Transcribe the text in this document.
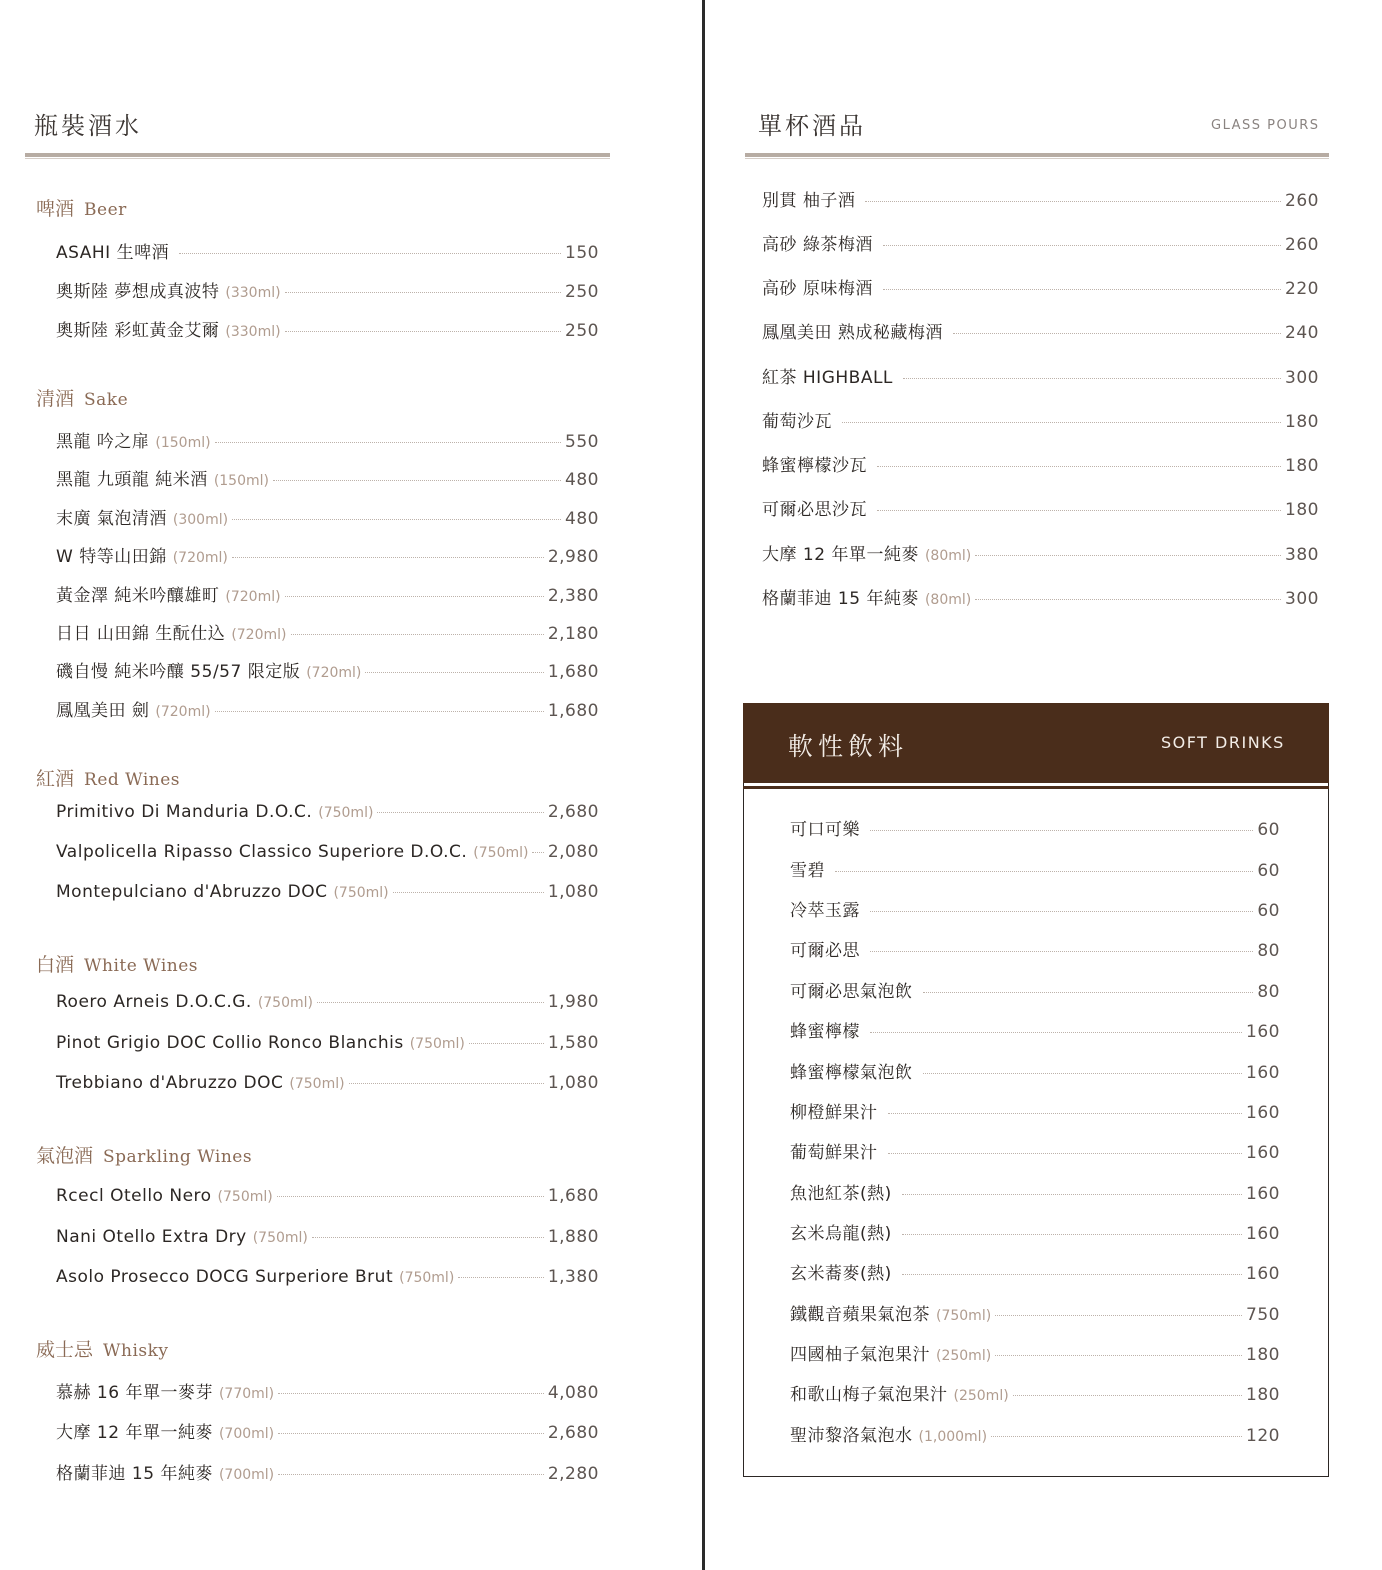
瓶裝酒水
啤酒 Beer
ASAHI 生啤酒	150
奧斯陸 夢想成真波特 (330ml)	250
奧斯陸 彩虹黃金艾爾 (330ml)	250
清酒 Sake
黑龍 吟之扉 (150ml)	550
黑龍 九頭龍 純米酒 (150ml)	480
末廣 氣泡清酒 (300ml)	480
W 特等山田錦 (720ml)	2,980
黃金澤 純米吟釀雄町 (720ml)	2,380
日日 山田錦 生酛仕込 (720ml)	2,180
磯自慢 純米吟釀 55/57 限定版 (720ml)	1,680
鳳凰美田 劍 (720ml)	1,680
紅酒 Red Wines
Primitivo Di Manduria D.O.C. (750ml)	2,680
Valpolicella Ripasso Classico Superiore D.O.C. (750ml) 2,080
Montepulciano d'Abruzzo DOC (750ml)	1,080
白酒 White Wines
Roero Arneis D.O.C.G. (750ml)	1,980
Pinot Grigio DOC Collio Ronco Blanchis (750ml)	1,580
Trebbiano d'Abruzzo DOC (750ml)	1,080
氣泡酒 Sparkling Wines
Rcecl Otello Nero (750ml)	1,680
Nani Otello Extra Dry (750ml)	1,880
Asolo Prosecco DOCG Surperiore Brut (750ml)	1,380
威士忌 Whisky
慕赫 16 年單一麥芽 (770ml)	4,080
大摩 12 年單一純麥 (700ml)	2,680
格蘭菲迪 15 年純麥 (700ml)	2,280
單杯酒品	GLASS POURS
別貫 柚子酒	260
高砂 綠茶梅酒	260
高砂 原味梅酒	220
鳳凰美田 熟成秘藏梅酒	240
紅茶 HIGHBALL	300
葡萄沙瓦	180
蜂蜜檸檬沙瓦	180
可爾必思沙瓦	180
大摩 12 年單一純麥 (80ml)	380
格蘭菲迪 15 年純麥 (80ml)	300
軟性飲料	SOFT DRINKS
可口可樂	60
雪碧	60
冷萃玉露	60
可爾必思	80
可爾必思氣泡飲	80
蜂蜜檸檬	160
蜂蜜檸檬氣泡飲	160
柳橙鮮果汁	160
葡萄鮮果汁	160
魚池紅茶(熱)	160
玄米烏龍(熱)	160
玄米蕎麥(熱)	160
鐵觀音蘋果氣泡茶 (750ml)	750
四國柚子氣泡果汁 (250ml)	180
和歌山梅子氣泡果汁 (250ml)	180
聖沛黎洛氣泡水 (1,000ml)	120
